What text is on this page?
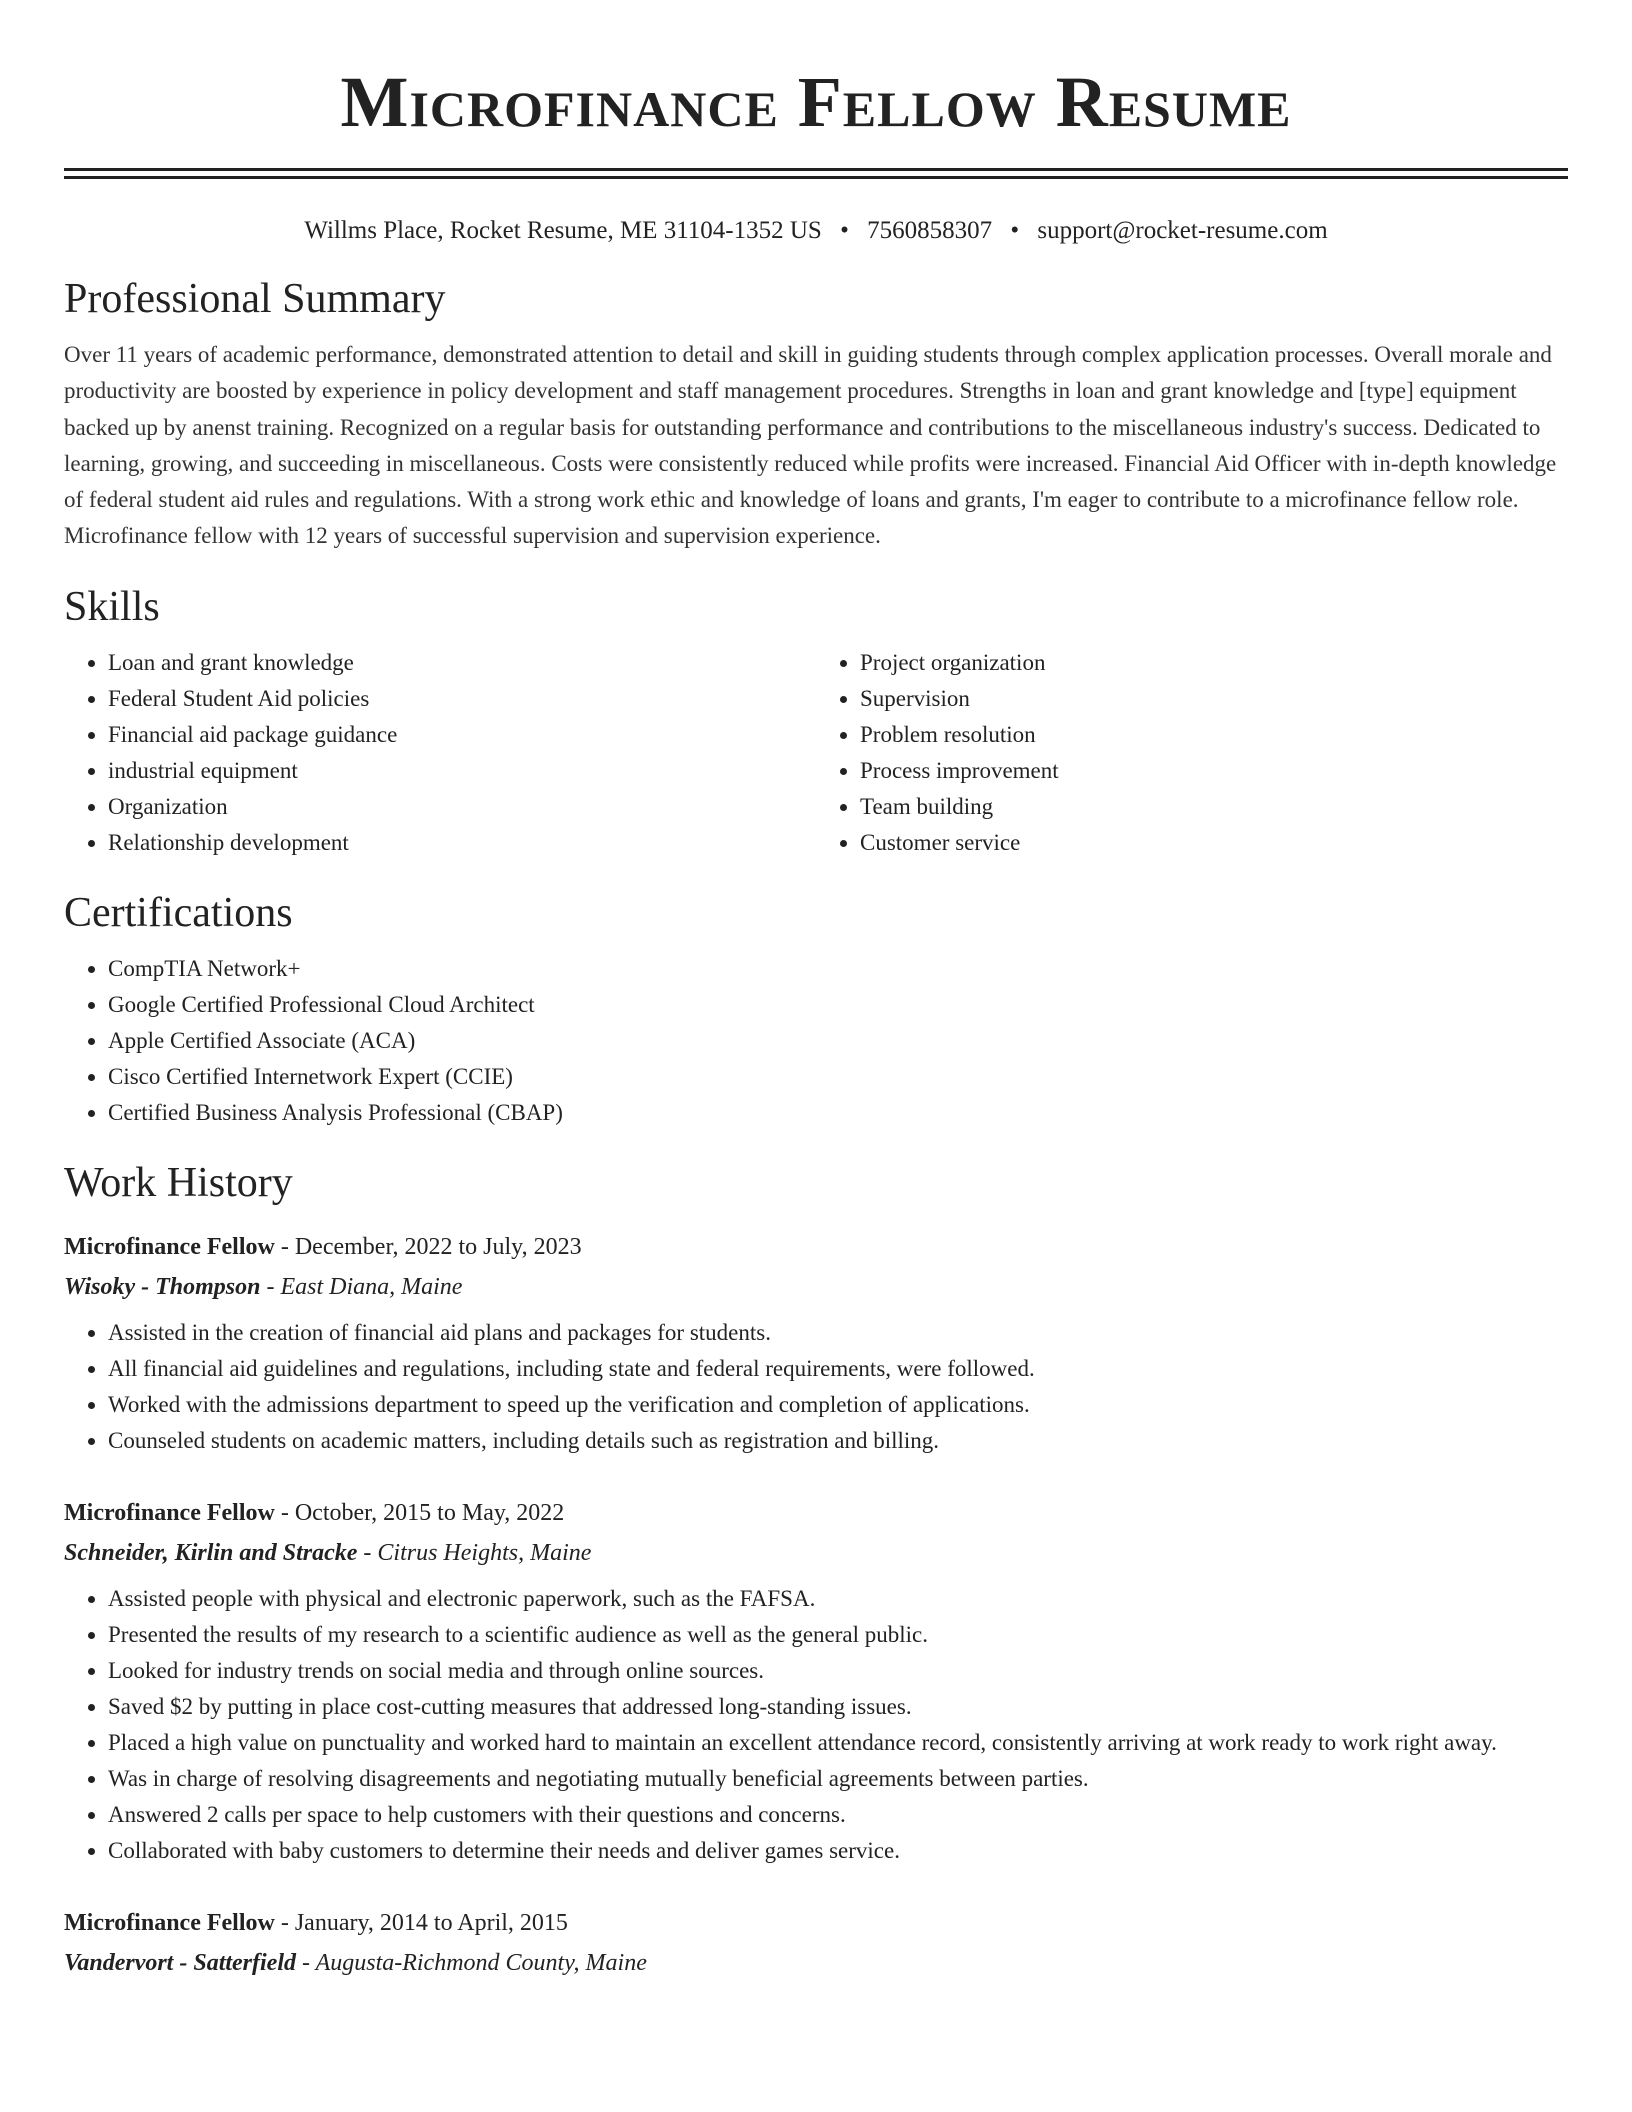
Microfinance Fellow Resume
Willms Place, Rocket Resume, ME 31104-1352 US • 7560858307 • support@rocket-resume.com
Professional Summary

Over 11 years of academic performance, demonstrated attention to detail and skill in guiding students through complex application processes. Overall morale and productivity are boosted by experience in policy development and staff management procedures. Strengths in loan and grant knowledge and [type] equipment backed up by anenst training. Recognized on a regular basis for outstanding performance and contributions to the miscellaneous industry's success. Dedicated to learning, growing, and succeeding in miscellaneous. Costs were consistently reduced while profits were increased. Financial Aid Officer with in-depth knowledge of federal student aid rules and regulations. With a strong work ethic and knowledge of loans and grants, I'm eager to contribute to a microfinance fellow role. Microfinance fellow with 12 years of successful supervision and supervision experience.

Skills
• Loan and grant knowledge
• Federal Student Aid policies
• Financial aid package guidance
• industrial equipment
• Organization
• Relationship development
• Project organization
• Supervision
• Problem resolution
• Process improvement
• Team building
• Customer service
Certifications
• CompTIA Network+
• Google Certified Professional Cloud Architect
• Apple Certified Associate (ACA)
• Cisco Certified Internetwork Expert (CCIE)
• Certified Business Analysis Professional (CBAP)
Work History
Microfinance Fellow - December, 2022 to July, 2023
Wisoky - Thompson - East Diana, Maine
• Assisted in the creation of financial aid plans and packages for students.
• All financial aid guidelines and regulations, including state and federal requirements, were followed.
• Worked with the admissions department to speed up the verification and completion of applications.
• Counseled students on academic matters, including details such as registration and billing.
Microfinance Fellow - October, 2015 to May, 2022
Schneider, Kirlin and Stracke - Citrus Heights, Maine
• Assisted people with physical and electronic paperwork, such as the FAFSA.
• Presented the results of my research to a scientific audience as well as the general public.
• Looked for industry trends on social media and through online sources.
• Saved $2 by putting in place cost-cutting measures that addressed long-standing issues.
• Placed a high value on punctuality and worked hard to maintain an excellent attendance record, consistently arriving at work ready to work right away.
• Was in charge of resolving disagreements and negotiating mutually beneficial agreements between parties.
• Answered 2 calls per space to help customers with their questions and concerns.
• Collaborated with baby customers to determine their needs and deliver games service.
Microfinance Fellow - January, 2014 to April, 2015
Vandervort - Satterfield - Augusta-Richmond County, Maine
